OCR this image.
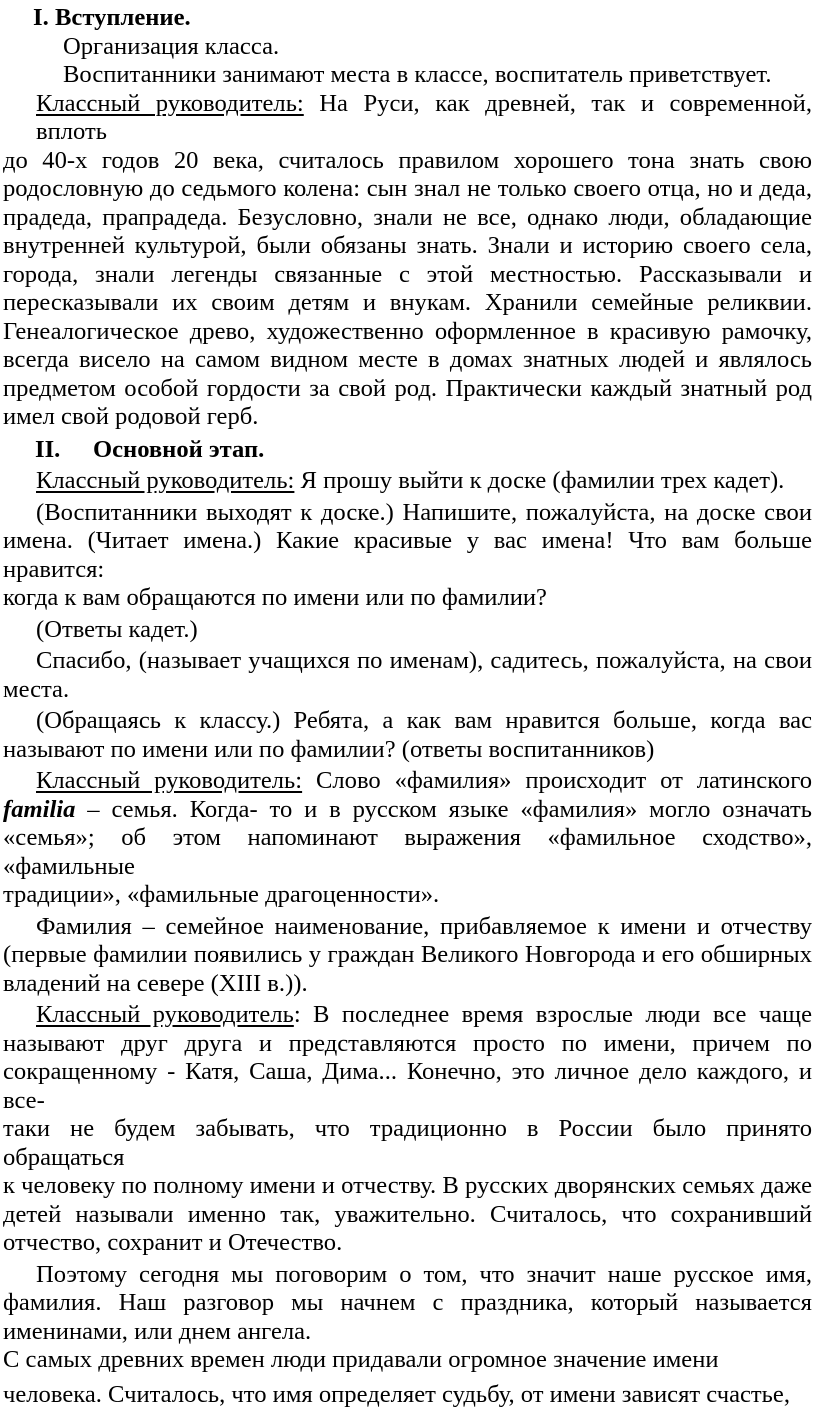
I. Вступление.
Организация класса.
Воспитанники занимают места в классе, воспитатель приветствует.
Классный руководитель: На Руси, как древней, так и современной, вплоть
до 40-х годов 20 века, считалось правилом хорошего тона знать свою
родословную до седьмого колена: сын знал не только своего отца, но и деда,
прадеда, прапрадеда. Безусловно, знали не все, однако люди, обладающие
внутренней культурой, были обязаны знать. Знали и историю своего села,
города, знали легенды связанные с этой местностью. Рассказывали и
пересказывали их своим детям и внукам. Хранили семейные реликвии.
Генеалогическое древо, художественно оформленное в красивую рамочку,
всегда висело на самом видном месте в домах знатных людей и являлось
предметом особой гордости за свой род. Практически каждый знатный род
имел свой родовой герб.
II. Основной этап.
Классный руководитель: Я прошу выйти к доске (фамилии трех кадет).
(Воспитанники выходят к доске.) Напишите, пожалуйста, на доске свои
имена. (Читает имена.) Какие красивые у вас имена! Что вам больше нравится:
когда к вам обращаются по имени или по фамилии?
(Ответы кадет.)
Спасибо, (называет учащихся по именам), садитесь, пожалуйста, на свои
места.
(Обращаясь к классу.) Ребята, а как вам нравится больше, когда вас
называют по имени или по фамилии? (ответы воспитанников)
Классный руководитель: Слово «фамилия» происходит от латинского
familia – семья. Когда- то и в русском языке «фамилия» могло означать
«семья»; об этом напоминают выражения «фамильное сходство», «фамильные
традиции», «фамильные драгоценности».
Фамилия – семейное наименование, прибавляемое к имени и отчеству
(первые фамилии появились у граждан Великого Новгорода и его обширных
владений на севере (XIII в.)).
Классный руководитель: В последнее время взрослые люди все чаще
называют друг друга и представляются просто по имени, причем по
сокращенному - Катя, Саша, Дима... Конечно, это личное дело каждого, и все-
таки не будем забывать, что традиционно в России было принято обращаться
к человеку по полному имени и отчеству. В русских дворянских семьях даже
детей называли именно так, уважительно. Считалось, что сохранивший
отчество, сохранит и Отечество.
Поэтому сегодня мы поговорим о том, что значит наше русское имя,
фамилия. Наш разговор мы начнем с праздника, который называется
именинами, или днем ангела.
С самых древних времен люди придавали огромное значение имени
человека. Считалось, что имя определяет судьбу, от имени зависят счастье,
